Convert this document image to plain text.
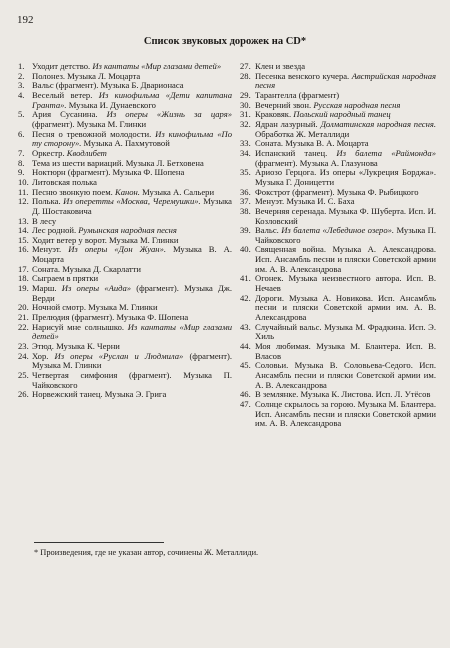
192
Список звуковых дорожек на CD*
1. Уходит детство. Из кантаты «Мир глазами детей»
2. Полонез. Музыка Л. Моцарта
3. Вальс (фрагмент). Музыка Б. Дварионаса
4. Веселый ветер. Из кинофильма «Дети капитана Гранта». Музыка И. Дунаевского
5. Ария Сусанина. Из оперы «Жизнь за царя» (фрагмент). Музыка М. Глинки
6. Песня о тревожной молодости. Из кинофильма «По ту сторону». Музыка А. Пахмутовой
7. Оркестр. Кводлибет
8. Тема из шести вариаций. Музыка Л. Бетховена
9. Ноктюрн (фрагмент). Музыка Ф. Шопена
10. Литовская полька
11. Песню звонкую поем. Канон. Музыка А. Сальери
12. Полька. Из оперетты «Москва, Черемушки». Музыка Д. Шостаковича
13. В лесу
14. Лес родной. Румынская народная песня
15. Ходит ветер у ворот. Музыка М. Глинки
16. Менуэт. Из оперы «Дон Жуан». Музыка В. А. Моцарта
17. Соната. Музыка Д. Скарлатти
18. Сыграем в прятки
19. Марш. Из оперы «Аида» (фрагмент). Музыка Дж. Верди
20. Ночной смотр. Музыка М. Глинки
21. Прелюдия (фрагмент). Музыка Ф. Шопена
22. Нарисуй мне солнышко. Из кантаты «Мир глазами детей»
23. Этюд. Музыка К. Черни
24. Хор. Из оперы «Руслан и Людмила» (фрагмент). Музыка М. Глинки
25. Четвертая симфония (фрагмент). Музыка П. Чайковского
26. Норвежский танец. Музыка Э. Грига
27. Клен и звезда
28. Песенка венского кучера. Австрийская народная песня
29. Тарантелла (фрагмент)
30. Вечерний звон. Русская народная песня
31. Краковяк. Польский народный танец
32. Ядран лазурный. Долматинская народная песня. Обработка Ж. Металлиди
33. Соната. Музыка В. А. Моцарта
34. Испанский танец. Из балета «Раймонда» (фрагмент). Музыка А. Глазунова
35. Ариозо Герцога. Из оперы «Лукреция Борджа». Музыка Г. Доницетти
36. Фокстрот (фрагмент). Музыка Ф. Рыбицкого
37. Менуэт. Музыка И. С. Баха
38. Вечерняя серенада. Музыка Ф. Шуберта. Исп. И. Козловский
39. Вальс. Из балета «Лебединое озеро». Музыка П. Чайковского
40. Священная война. Музыка А. Александрова. Исп. Ансамбль песни и пляски Советской армии им. А. В. Александрова
41. Огонек. Музыка неизвестного автора. Исп. В. Нечаев
42. Дороги. Музыка А. Новикова. Исп. Ансамбль песни и пляски Советской армии им. А. В. Александрова
43. Случайный вальс. Музыка М. Фрадкина. Исп. Э. Хиль
44. Моя любимая. Музыка М. Блантера. Исп. В. Власов
45. Соловьи. Музыка В. Соловьева-Седого. Исп. Ансамбль песни и пляски Советской армии им. А. В. Александрова
46. В землянке. Музыка К. Листова. Исп. Л. Утёсов
47. Солнце скрылось за горою. Музыка М. Блантера. Исп. Ансамбль песни и пляски Советской армии им. А. В. Александрова
* Произведения, где не указан автор, сочинены Ж. Металлиди.
